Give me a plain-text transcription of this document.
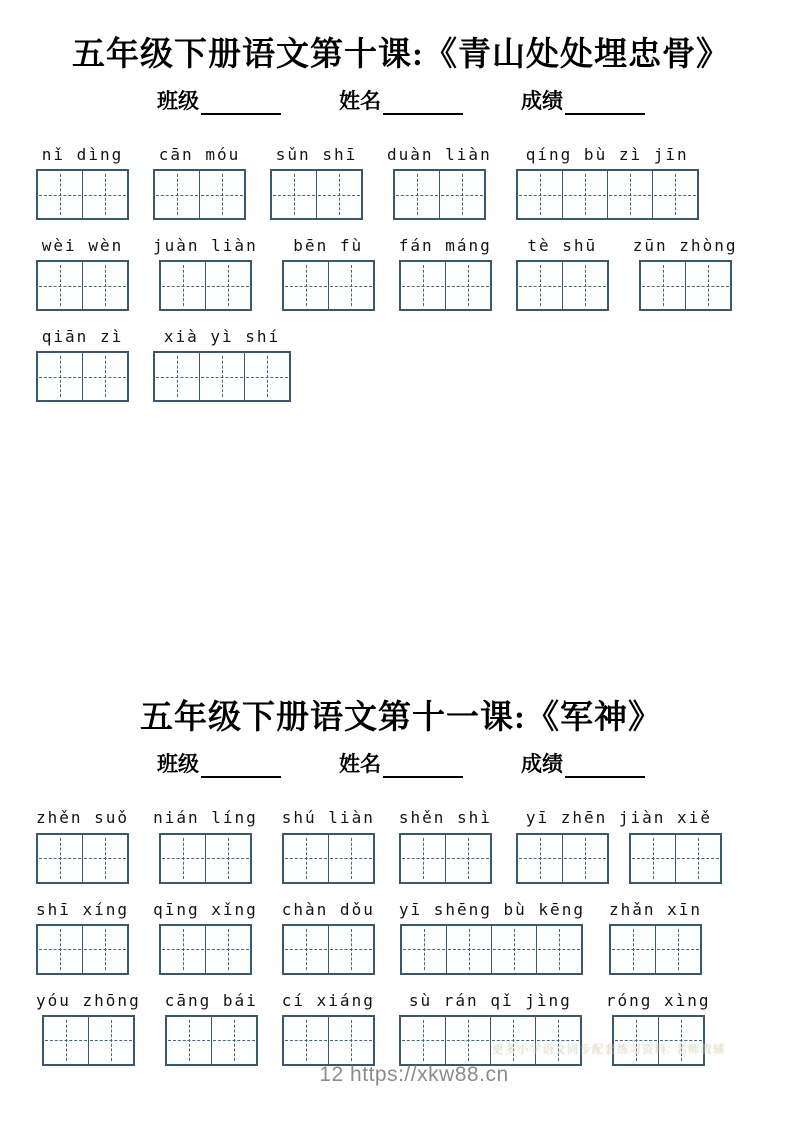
五年级下册语文第十课:《青山处处埋忠骨》
班级	姓名	成绩
nǐ dìng cān móu sǔn shī duàn liàn qíng bù zì jīn
wèi wèn juàn liàn bēn fù fán máng tè shū zūn zhòng
qiān zì	xià yì shí
五年级下册语文第十一课:《军神》
班级	姓名	成绩
zhěn suǒ nián líng shú liàn shěn shì yī zhēn jiàn xiě
shī xíng qīng xǐng chàn dǒu yī shēng bù kēng zhǎn xīn
yóu zhōng cāng bái cí xiáng sù rán qǐ jìng róng xìng
更多小学语文同步配套练习资料: 名师教辅
12 https://xkw88.cn
